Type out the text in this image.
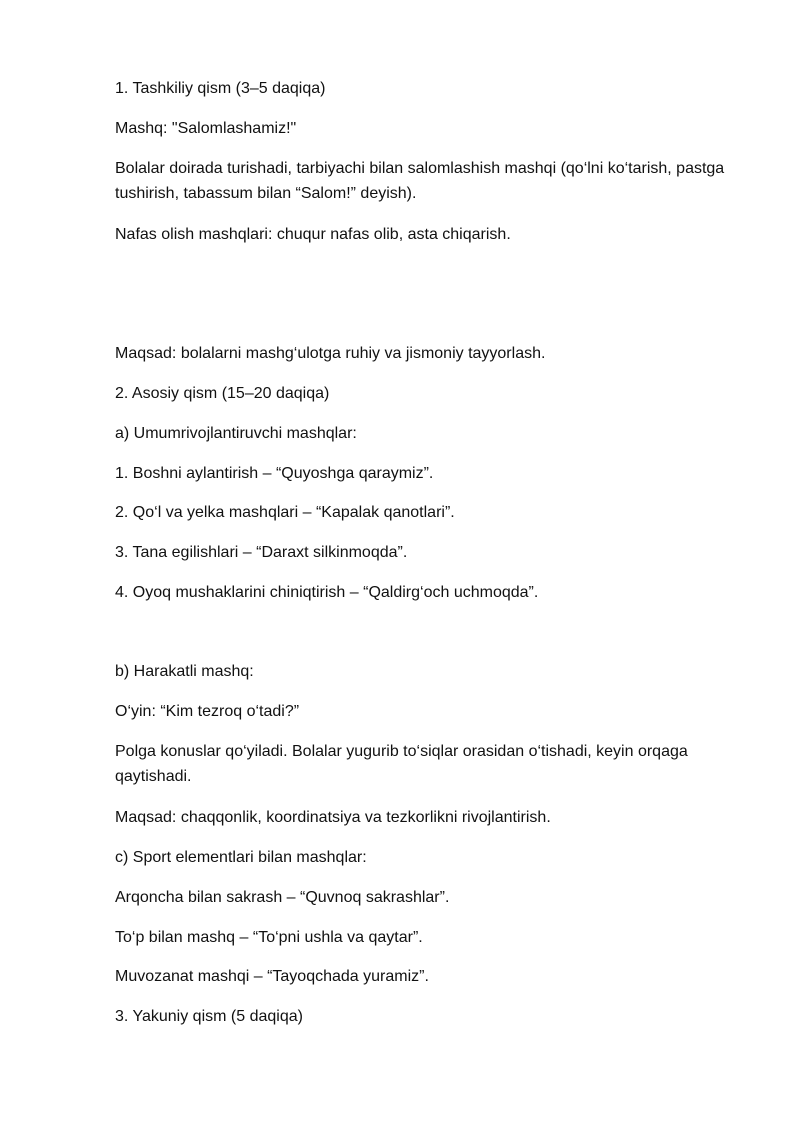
1. Tashkiliy qism (3–5 daqiqa)
Mashq: "Salomlashamiz!"
Bolalar doirada turishadi, tarbiyachi bilan salomlashish mashqi (qo‘lni ko‘tarish, pastga tushirish, tabassum bilan “Salom!” deyish).
Nafas olish mashqlari: chuqur nafas olib, asta chiqarish.
Maqsad: bolalarni mashg‘ulotga ruhiy va jismoniy tayyorlash.
2. Asosiy qism (15–20 daqiqa)
a) Umumrivojlantiruvchi mashqlar:
1. Boshni aylantirish – “Quyoshga qaraymiz”.
2. Qo‘l va yelka mashqlari – “Kapalak qanotlari”.
3. Tana egilishlari – “Daraxt silkinmoqda”.
4. Oyoq mushaklarini chiniqtirish – “Qaldirg‘och uchmoqda”.
b) Harakatli mashq:
O‘yin: “Kim tezroq o‘tadi?”
Polga konuslar qo‘yiladi. Bolalar yugurib to‘siqlar orasidan o‘tishadi, keyin orqaga qaytishadi.
Maqsad: chaqqonlik, koordinatsiya va tezkorlikni rivojlantirish.
c) Sport elementlari bilan mashqlar:
Arqoncha bilan sakrash – “Quvnoq sakrashlar”.
To‘p bilan mashq – “To‘pni ushla va qaytar”.
Muvozanat mashqi – “Tayoqchada yuramiz”.
3. Yakuniy qism (5 daqiqa)
